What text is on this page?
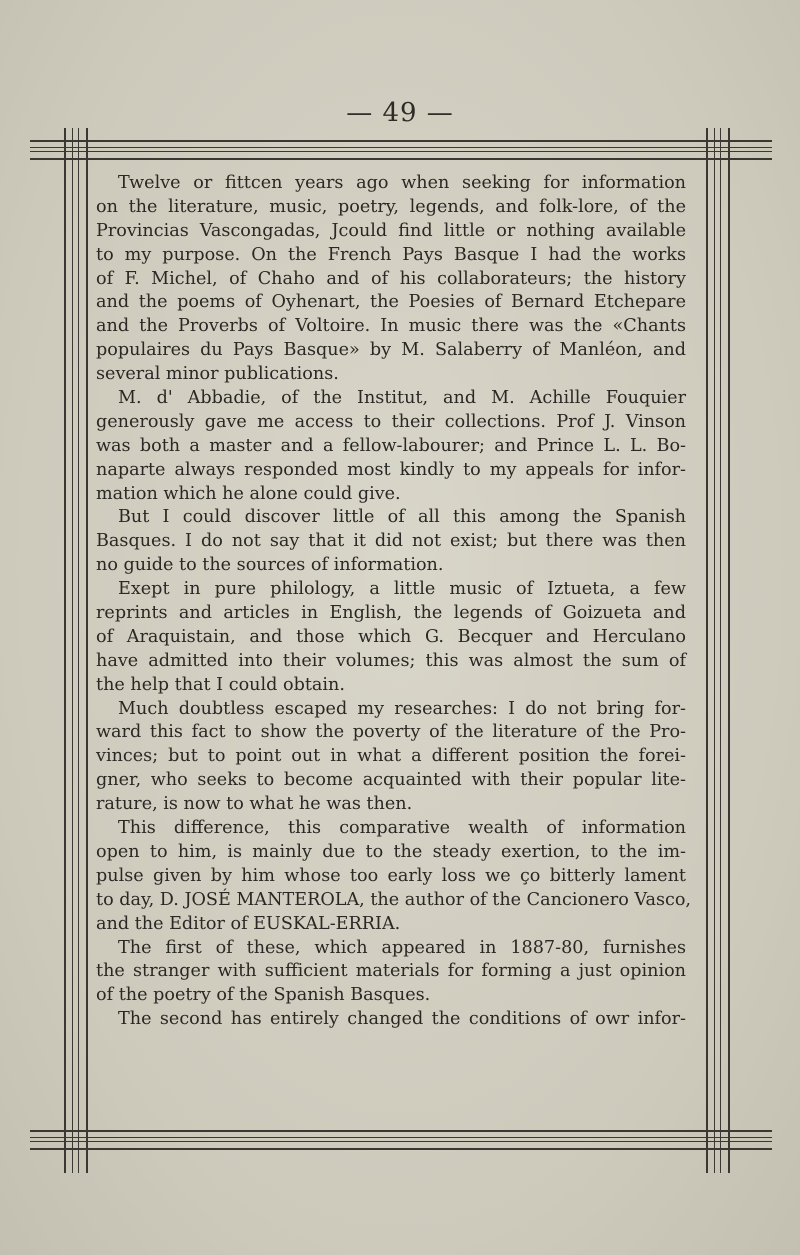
— 49 —
Twelve or fittcen years ago when seeking for information
on the literature, music, poetry, legends, and folk-lore, of the
Provincias Vascongadas, Jcould find little or nothing available
to my purpose. On the French Pays Basque I had the works
of F. Michel, of Chaho and of his collaborateurs; the history
and the poems of Oyhenart, the Poesies of Bernard Etchepare
and the Proverbs of Voltoire. In music there was the «Chants
populaires du Pays Basque» by M. Salaberry of Manléon, and
several minor publications.
M. d' Abbadie, of the Institut, and M. Achille Fouquier
generously gave me access to their collections. Prof J. Vinson
was both a master and a fellow-labourer; and Prince L. L. Bo-
naparte always responded most kindly to my appeals for infor-
mation which he alone could give.
But I could discover little of all this among the Spanish
Basques. I do not say that it did not exist; but there was then
no guide to the sources of information.
Exept in pure philology, a little music of Iztueta, a few
reprints and articles in English, the legends of Goizueta and
of Araquistain, and those which G. Becquer and Herculano
have admitted into their volumes; this was almost the sum of
the help that I could obtain.
Much doubtless escaped my researches: I do not bring for-
ward this fact to show the poverty of the literature of the Pro-
vinces; but to point out in what a different position the forei-
gner, who seeks to become acquainted with their popular lite-
rature, is now to what he was then.
This difference, this comparative wealth of information
open to him, is mainly due to the steady exertion, to the im-
pulse given by him whose too early loss we ço bitterly lament
to day, D. JOSÉ MANTEROLA, the author of the Cancionero Vasco,
and the Editor of EUSKAL-ERRIA.
The first of these, which appeared in 1887-80, furnishes
the stranger with sufficient materials for forming a just opinion
of the poetry of the Spanish Basques.
The second has entirely changed the conditions of owr infor-
